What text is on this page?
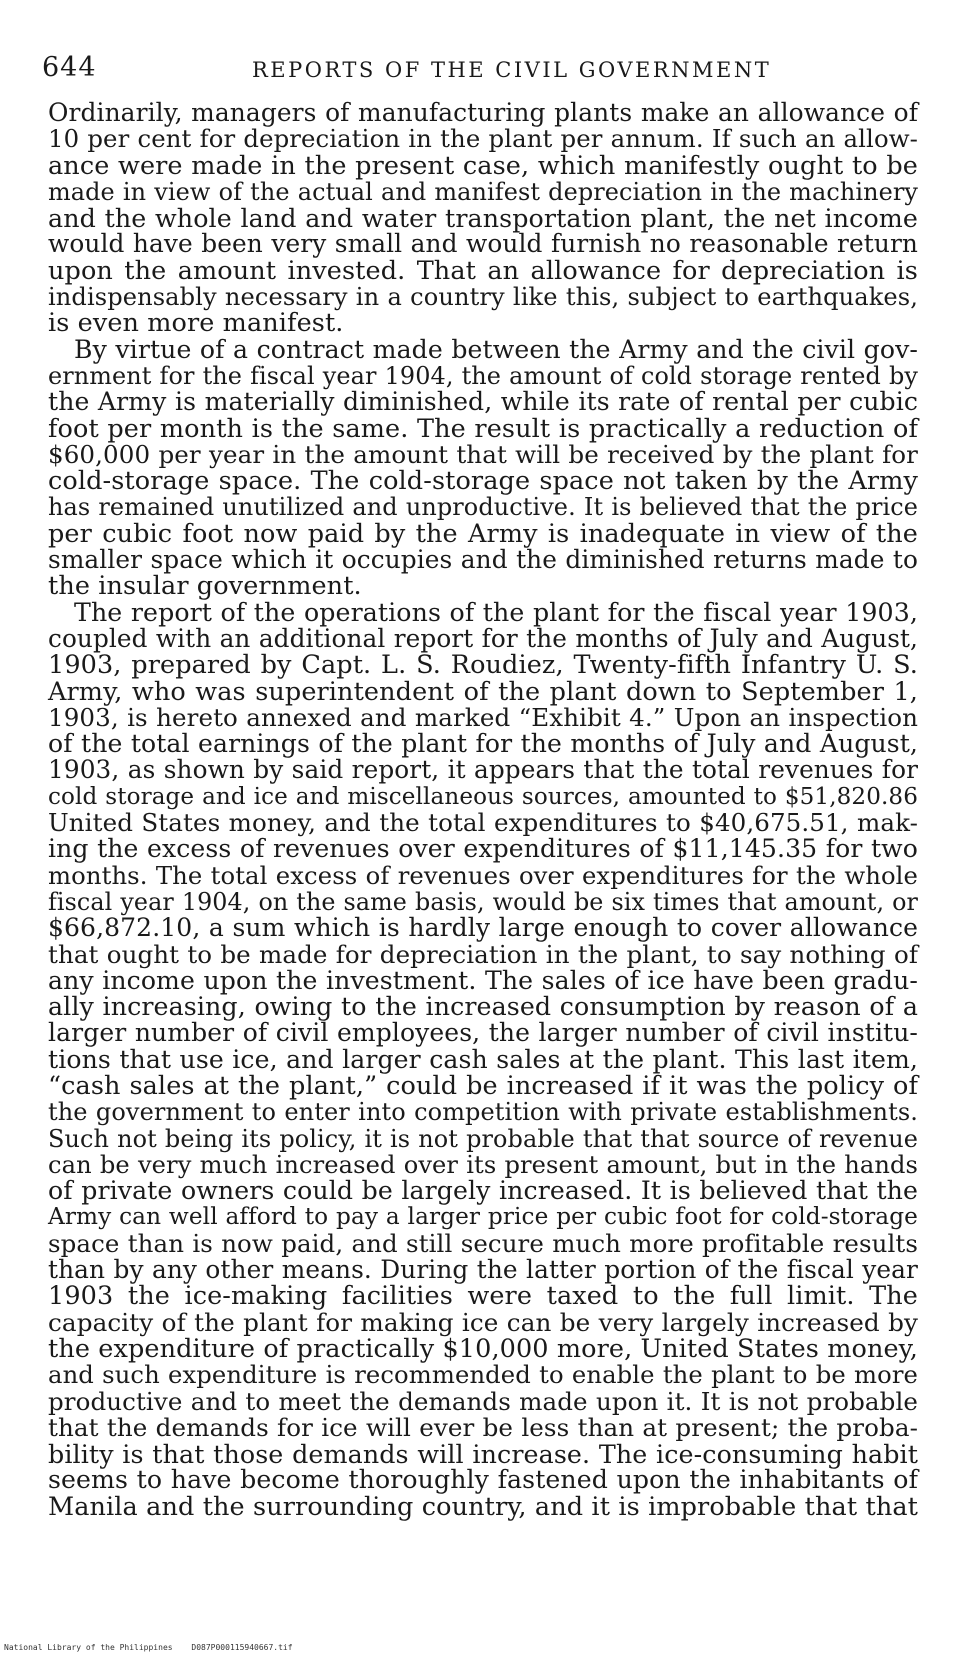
644	REPORTS OF THE CIVIL GOVERNMENT
Ordinarily, managers of manufacturing plants make an allowance of
10 per cent for depreciation in the plant per annum. If such an allow-
ance were made in the present case, which manifestly ought to be
made in view of the actual and manifest depreciation in the machinery
and the whole land and water transportation plant, the net income
would have been very small and would furnish no reasonable return
upon the amount invested. That an allowance for depreciation is
indispensably necessary in a country like this, subject to earthquakes,
is even more manifest.
By virtue of a contract made between the Army and the civil gov-
ernment for the fiscal year 1904, the amount of cold storage rented by
the Army is materially diminished, while its rate of rental per cubic
foot per month is the same. The result is practically a reduction of
$60,000 per year in the amount that will be received by the plant for
cold-storage space. The cold-storage space not taken by the Army
has remained unutilized and unproductive. It is believed that the price
per cubic foot now paid by the Army is inadequate in view of the
smaller space which it occupies and the diminished returns made to
the insular government.
The report of the operations of the plant for the fiscal year 1903,
coupled with an additional report for the months of July and August,
1903, prepared by Capt. L. S. Roudiez, Twenty-fifth Infantry U. S.
Army, who was superintendent of the plant down to September 1,
1903, is hereto annexed and marked “Exhibit 4.” Upon an inspection
of the total earnings of the plant for the months of July and August,
1903, as shown by said report, it appears that the total revenues for
cold storage and ice and miscellaneous sources, amounted to $51,820.86
United States money, and the total expenditures to $40,675.51, mak-
ing the excess of revenues over expenditures of $11,145.35 for two
months. The total excess of revenues over expenditures for the whole
fiscal year 1904, on the same basis, would be six times that amount, or
$66,872.10, a sum which is hardly large enough to cover allowance
that ought to be made for depreciation in the plant, to say nothing of
any income upon the investment. The sales of ice have been gradu-
ally increasing, owing to the increased consumption by reason of a
larger number of civil employees, the larger number of civil institu-
tions that use ice, and larger cash sales at the plant. This last item,
“cash sales at the plant,” could be increased if it was the policy of
the government to enter into competition with private establishments.
Such not being its policy, it is not probable that that source of revenue
can be very much increased over its present amount, but in the hands
of private owners could be largely increased. It is believed that the
Army can well afford to pay a larger price per cubic foot for cold-storage
space than is now paid, and still secure much more profitable results
than by any other means. During the latter portion of the fiscal year
1903 the ice-making facilities were taxed to the full limit. The
capacity of the plant for making ice can be very largely increased by
the expenditure of practically $10,000 more, United States money,
and such expenditure is recommended to enable the plant to be more
productive and to meet the demands made upon it. It is not probable
that the demands for ice will ever be less than at present; the proba-
bility is that those demands will increase. The ice-consuming habit
seems to have become thoroughly fastened upon the inhabitants of
Manila and the surrounding country, and it is improbable that that
National Library of the Philippines D087P000115940667.tif
